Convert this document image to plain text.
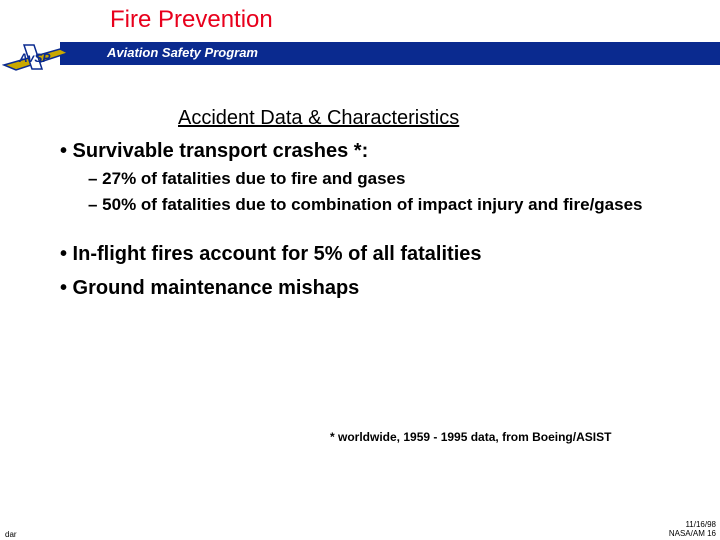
Fire Prevention
AvSP	Aviation Safety Program
Accident Data & Characteristics
• Survivable transport crashes *:
– 27% of fatalities due to fire and gases
– 50% of fatalities due to combination of impact injury and fire/gases
• In-flight fires account for 5% of all fatalities
• Ground maintenance mishaps
* worldwide, 1959 - 1995 data, from Boeing/ASIST
dar
11/16/98
NASA/AM 16
